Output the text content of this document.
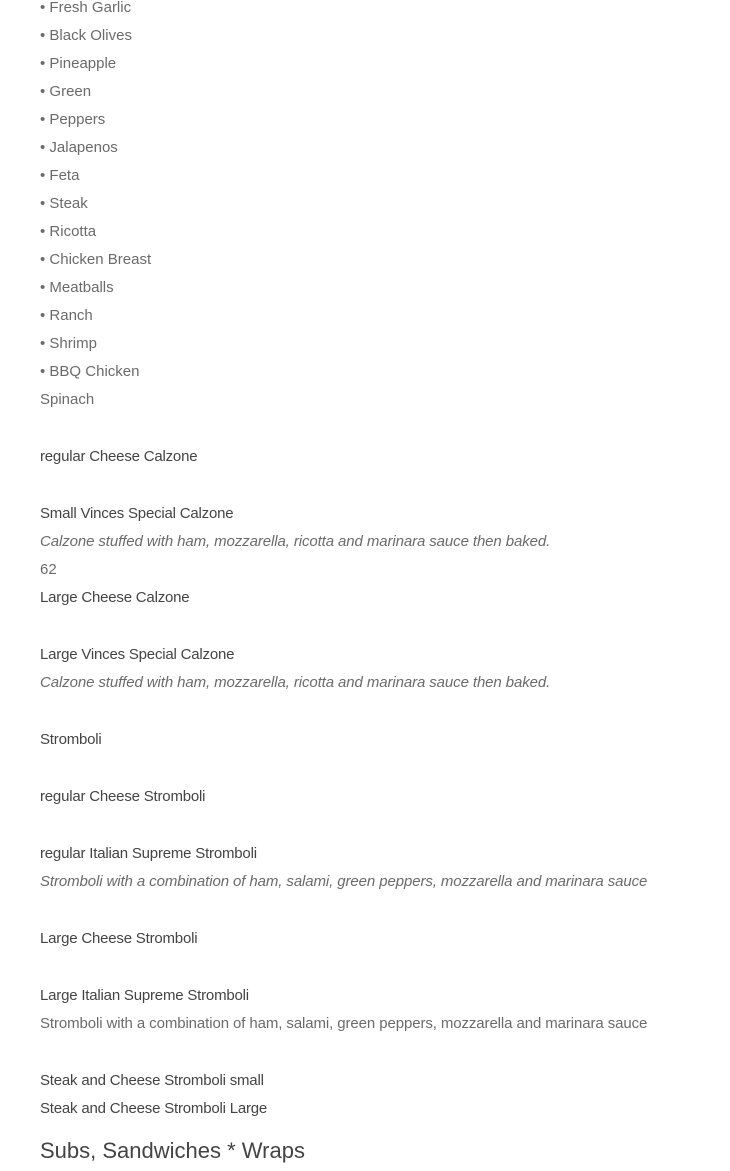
• Fresh Garlic
• Black Olives
• Pineapple
• Green
• Peppers
• Jalapenos
• Feta
• Steak
• Ricotta
• Chicken Breast
• Meatballs
• Ranch
• Shrimp
• BBQ Chicken
Spinach
regular Cheese Calzone
Small Vinces Special Calzone
Calzone stuffed with ham, mozzarella, ricotta and marinara sauce then baked.
62
Large Cheese Calzone
Large Vinces Special Calzone
Calzone stuffed with ham, mozzarella, ricotta and marinara sauce then baked.
Stromboli
regular Cheese Stromboli
regular Italian Supreme Stromboli
Stromboli with a combination of ham, salami, green peppers, mozzarella and marinara sauce
Large Cheese Stromboli
Large Italian Supreme Stromboli
Stromboli with a combination of ham, salami, green peppers, mozzarella and marinara sauce
Steak and Cheese Stromboli small
Steak and Cheese Stromboli Large
Subs, Sandwiches * Wraps
